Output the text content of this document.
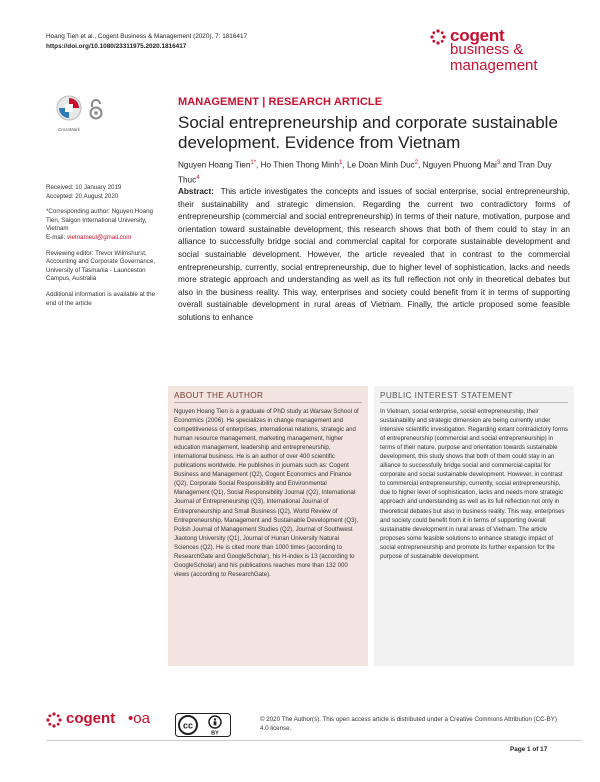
Hoang Tien et al., Cogent Business & Management (2020), 7: 1816417
https://doi.org/10.1080/23311975.2020.1816417
cogent
business &
management
CrossMark
MANAGEMENT | RESEARCH ARTICLE
Social entrepreneurship and corporate sustainable development. Evidence from Vietnam
Nguyen Hoang Tien$^{1*}$, Ho Thien Thong Minh$^1$, Le Doan Minh Duc$^2$, Nguyen Phuong Mai$^3$ and Tran Duy Thuc$^4$

Received: 10 January 2019
Accepted: 20 August 2020

*Corresponding author: Nguyen Hoang Tien, Saigon International University, Vietnam
E-mail: vietnameul@gmail.com

Reviewing editor: Trevor Wilmshurst, Accounting and Corporate Governance, University of Tasmania - Launceston Campus, Australia

Additional information is available at the end of the article

Abstract: This article investigates the concepts and issues of social enterprise, social entrepreneurship, their sustainability and strategic dimension. Regarding the current two contradictory forms of entrepreneurship (commercial and social entrepreneurship) in terms of their nature, motivation, purpose and orientation toward sustainable development, this research shows that both of them could to stay in an alliance to successfully bridge social and commercial capital for corporate sustainable development and social sustainable development. However, the article revealed that in contrast to the commercial entrepreneurship, currently, social entrepreneurship, due to higher level of sophistication, lacks and needs more strategic approach and understanding as well as its full reflection not only in theoretical debates but also in the business reality. This way, enterprises and society could benefit from it in terms of supporting overall sustainable development in rural areas of Vietnam. Finally, the article proposed some feasible solutions to enhance
ABOUT THE AUTHOR
Nguyen Hoang Tien is a graduate of PhD study at Warsaw School of Economics (2006). He specializes in change management and competitiveness of enterprises, international relations, strategic and human resource management, marketing management, higher education management, leadership and entrepreneurship, international business. He is an author of over 400 scientific publications worldwide. He publishes in journals such as: Cogent Business and Management (Q2), Cogent Economics and Finance (Q2), Corporate Social Responsibility and Environmental Management (Q1), Social Responsibility Journal (Q2), International Journal of Entrepreneurship (Q3), International Journal of Entrepreneurship and Small Business (Q2), World Review of Entrepreneurship, Management and Sustainable Development (Q3), Polish Journal of Management Studies (Q2), Journal of Southwest Jiaotong University (Q1), Journal of Hunan University Natural Sciences (Q2). He is cited more than 1000 times (according to ResearchGate and GoogleScholar), his H-index is 13 (according to GoogleScholar) and his publications reaches more than 132 000 views (according to ResearchGate).
PUBLIC INTEREST STATEMENT
In Vietnam, social enterprise, social entrepreneurship, their sustainability and strategic dimension are being currently under intensive scientific investigation. Regarding extant contradictory forms of entrepreneurship (commercial and social entrepreneurship) in terms of their nature, purpose and orientation towards sustainable development, this study shows that both of them could stay in an alliance to successfully bridge social and commercial capital for corporate and social sustainable development. However, in contrast to commercial entrepreneurship, currently, social entrepreneurship, due to higher level of sophistication, lacks and needs more strategic approach and understanding as well as its full reflection not only in theoretical debates but also in business reality. This way, enterprises and society could benefit from it in terms of supporting overall sustainable development in rural areas of Vietnam. The article proposes some feasible solutions to enhance strategic impact of social entrepreneurship and promote its further expansion for the purpose of sustainable development.
cogent •oa	cc
BY
© 2020 The Author(s). This open access article is distributed under a Creative Commons Attribution (CC-BY) 4.0 license.
Page 1 of 17
